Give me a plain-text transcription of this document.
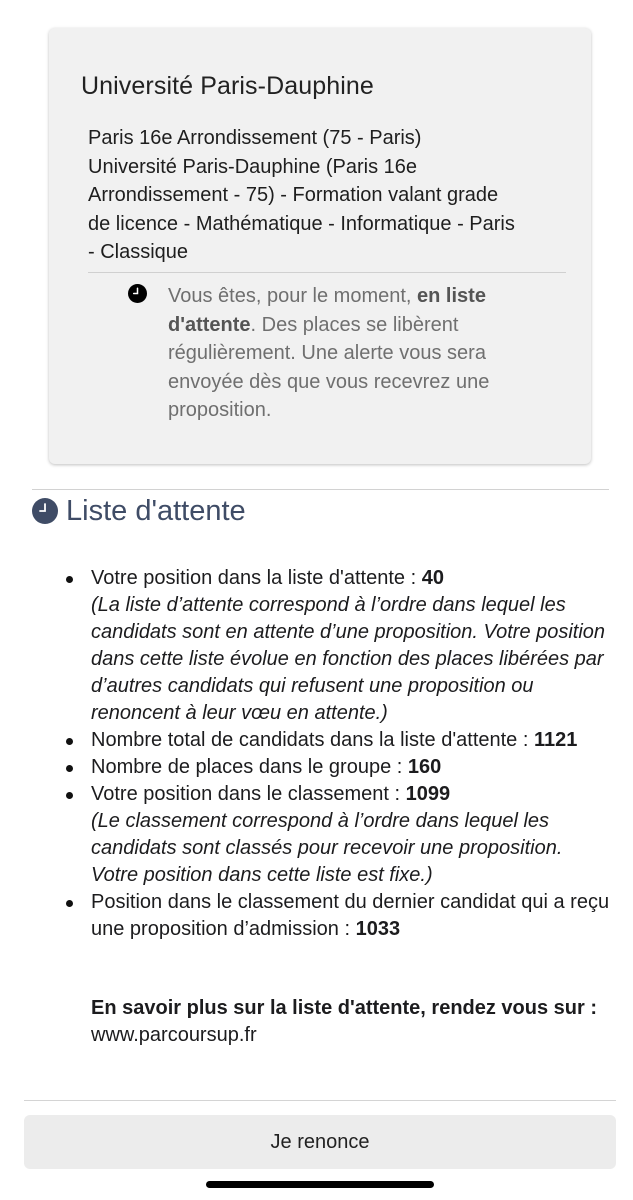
Université Paris-Dauphine
Paris 16e Arrondissement (75 - Paris)
Université Paris-Dauphine (Paris 16e
Arrondissement - 75) - Formation valant grade
de licence - Mathématique - Informatique - Paris
- Classique
Vous êtes, pour le moment, en liste d'attente. Des places se libèrent régulièrement. Une alerte vous sera envoyée dès que vous recevrez une proposition.
Liste d'attente
Votre position dans la liste d'attente : 40
(La liste d’attente correspond à l’ordre dans lequel les candidats sont en attente d’une proposition. Votre position dans cette liste évolue en fonction des places libérées par d’autres candidats qui refusent une proposition ou renoncent à leur vœu en attente.)
Nombre total de candidats dans la liste d'attente : 1121
Nombre de places dans le groupe : 160
Votre position dans le classement : 1099
(Le classement correspond à l’ordre dans lequel les candidats sont classés pour recevoir une proposition. Votre position dans cette liste est fixe.)
Position dans le classement du dernier candidat qui a reçu une proposition d’admission : 1033
En savoir plus sur la liste d'attente, rendez vous sur : www.parcoursup.fr
Je renonce
